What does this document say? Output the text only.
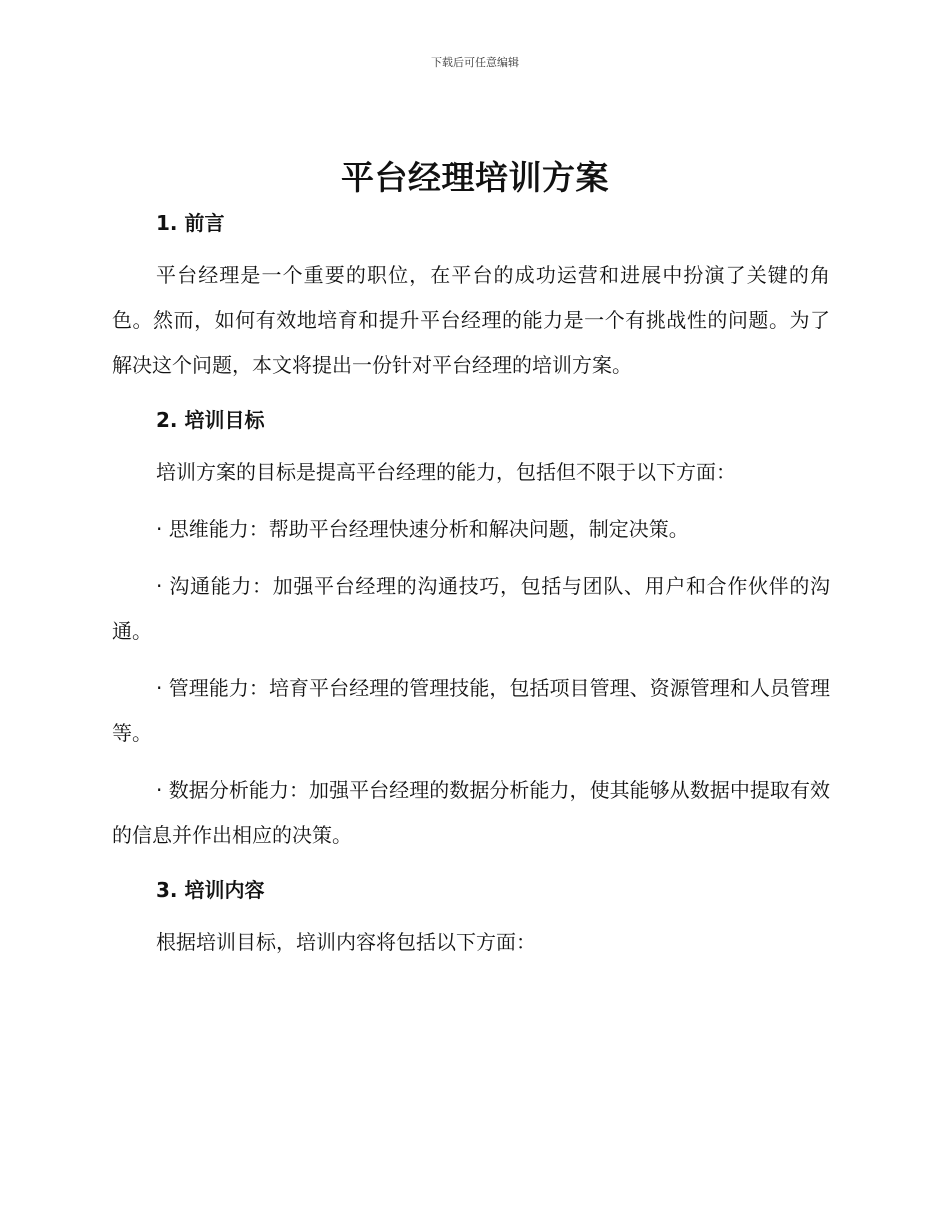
下载后可任意编辑
平台经理培训方案
1. 前言

平台经理是一个重要的职位，在平台的成功运营和进展中扮演了关键的角色。然而，如何有效地培育和提升平台经理的能力是一个有挑战性的问题。为了解决这个问题，本文将提出一份针对平台经理的培训方案。

2. 培训目标

培训方案的目标是提高平台经理的能力，包括但不限于以下方面：

· 思维能力：帮助平台经理快速分析和解决问题，制定决策。

· 沟通能力：加强平台经理的沟通技巧，包括与团队、用户和合作伙伴的沟通。

· 管理能力：培育平台经理的管理技能，包括项目管理、资源管理和人员管理等。

· 数据分析能力：加强平台经理的数据分析能力，使其能够从数据中提取有效的信息并作出相应的决策。

3. 培训内容

根据培训目标，培训内容将包括以下方面：
